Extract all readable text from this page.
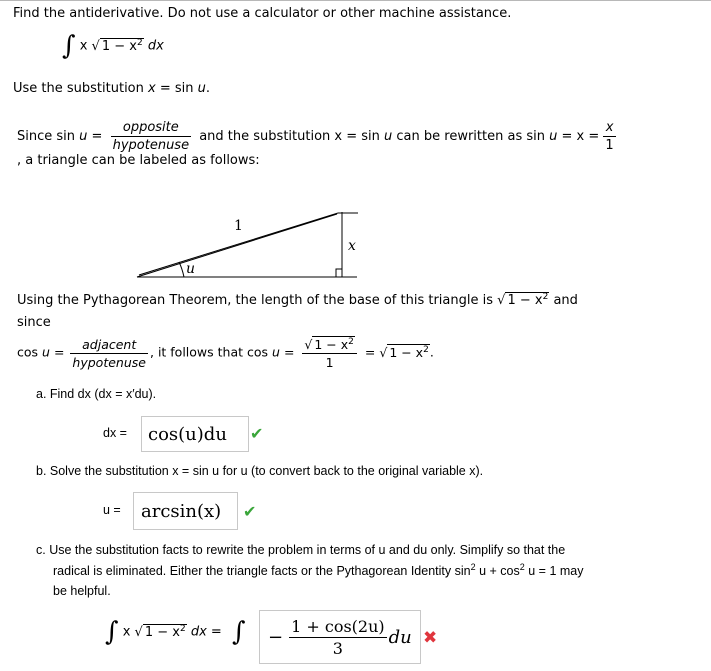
Find the antiderivative. Do not use a calculator or other machine assistance.
∫ x √ $1 - x^2$ dx
Use the substitution x = sin u.
Since $\sin u = \frac{\text{opposite}}{\text{hypotenuse}}$ and the substitution x = sin u can be rewritten as $\sin u = x = \frac{x}{1}$
, a triangle can be labeled as follows:
1
x
u
Using the Pythagorean Theorem, the length of the base of this triangle is √ $1 - x^2$ and
since
$\cos u = \frac{\text{adjacent}}{\text{hypotenuse}}$ , it follows that $\cos u = \frac{√ 1 - x^2}{1}$ = √ $1 - x^2$.
a. Find dx (dx = x′du).
dx = cos(u)du ✔
b. Solve the substitution x = sin u for u (to convert back to the original variable x).
u = arcsin(x) ✔
c. Use the substitution facts to rewrite the problem in terms of u and du only. Simplify so that the
radical is eliminated. Either the triangle facts or the Pythagorean Identity $\sin^2 u + \cos^2 u = 1$ may
be helpful.
∫ x √ $1 - x^2$ dx = ∫ − $\frac{1 + \cos(2u)}{3}$ du ✖
